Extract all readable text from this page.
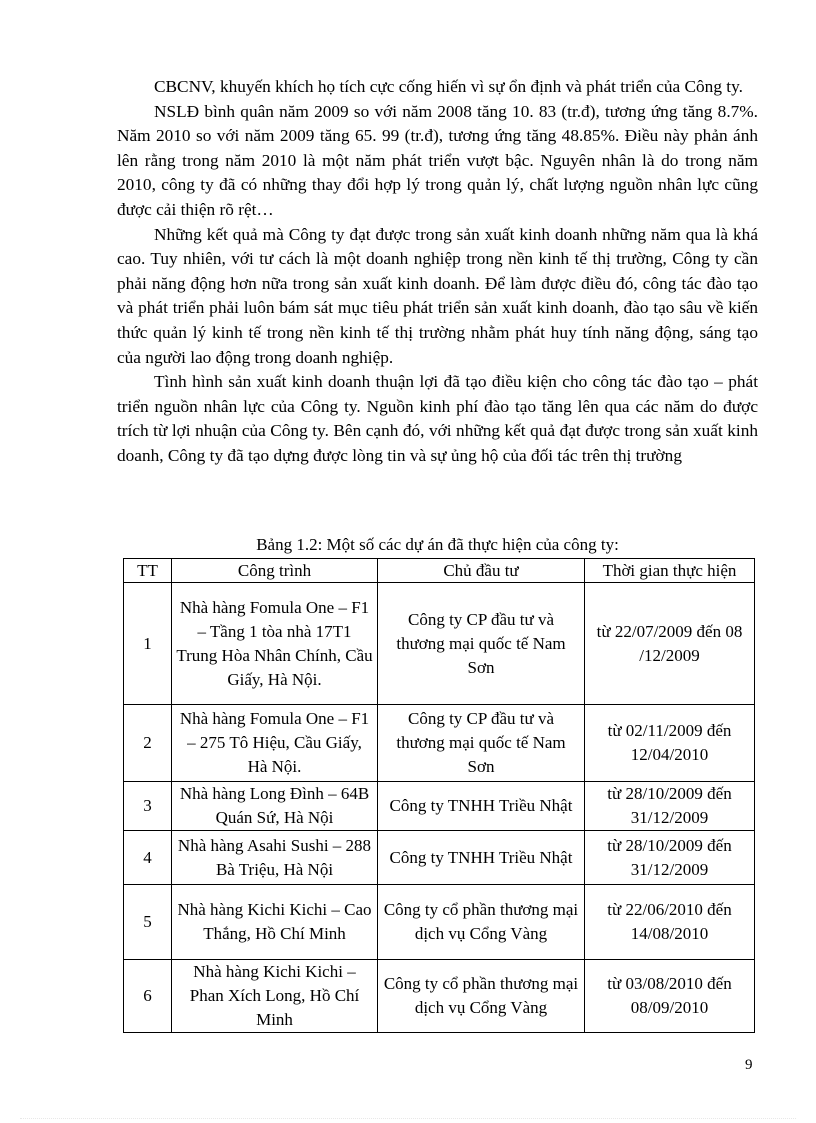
CBCNV, khuyến khích họ tích cực cống hiến vì sự ổn định và phát triển của Công ty.

NSLĐ bình quân năm 2009 so với năm 2008 tăng 10. 83 (tr.đ), tương ứng tăng 8.7%. Năm 2010 so với năm 2009 tăng 65. 99 (tr.đ), tương ứng tăng 48.85%. Điều này phản ánh lên rằng trong năm 2010 là một năm phát triển vượt bậc. Nguyên nhân là do trong năm 2010, công ty đã có những thay đổi hợp lý trong quản lý, chất lượng nguồn nhân lực cũng được cải thiện rõ rệt…

Những kết quả mà Công ty đạt được trong sản xuất kinh doanh những năm qua là khá cao. Tuy nhiên, với tư cách là một doanh nghiệp trong nền kinh tế thị trường, Công ty cần phải năng động hơn nữa trong sản xuất kinh doanh. Để làm được điều đó, công tác đào tạo và phát triển phải luôn bám sát mục tiêu phát triển sản xuất kinh doanh, đào tạo sâu về kiến thức quản lý kinh tế trong nền kinh tế thị trường nhằm phát huy tính năng động, sáng tạo của người lao động trong doanh nghiệp.

Tình hình sản xuất kinh doanh thuận lợi đã tạo điều kiện cho công tác đào tạo – phát triển nguồn nhân lực của Công ty. Nguồn kinh phí đào tạo tăng lên qua các năm do được trích từ lợi nhuận của Công ty. Bên cạnh đó, với những kết quả đạt được trong sản xuất kinh doanh, Công ty đã tạo dựng được lòng tin và sự ủng hộ của đối tác trên thị trường

Bảng 1.2: Một số các dự án đã thực hiện của công ty:
TT	Công trình	Chủ đầu tư	Thời gian thực hiện
1	Nhà hàng Fomula One – F1 – Tầng 1 tòa nhà 17T1 Trung Hòa Nhân Chính, Cầu Giấy, Hà Nội.	Công ty CP đầu tư và thương mại quốc tế Nam Sơn	từ 22/07/2009 đến 08 /12/2009
2	Nhà hàng Fomula One – F1 – 275 Tô Hiệu, Cầu Giấy, Hà Nội.	Công ty CP đầu tư và thương mại quốc tế Nam Sơn	từ 02/11/2009 đến 12/04/2010
3	Nhà hàng Long Đình – 64B Quán Sứ, Hà Nội	Công ty TNHH Triều Nhật	từ 28/10/2009 đến 31/12/2009
4	Nhà hàng Asahi Sushi – 288 Bà Triệu, Hà Nội	Công ty TNHH Triều Nhật	từ 28/10/2009 đến 31/12/2009
5	Nhà hàng Kichi Kichi – Cao Thắng, Hồ Chí Minh	Công ty cổ phần thương mại dịch vụ Cổng Vàng	từ 22/06/2010 đến 14/08/2010
6	Nhà hàng Kichi Kichi – Phan Xích Long, Hồ Chí Minh	Công ty cổ phần thương mại dịch vụ Cổng Vàng	từ 03/08/2010 đến 08/09/2010
9
